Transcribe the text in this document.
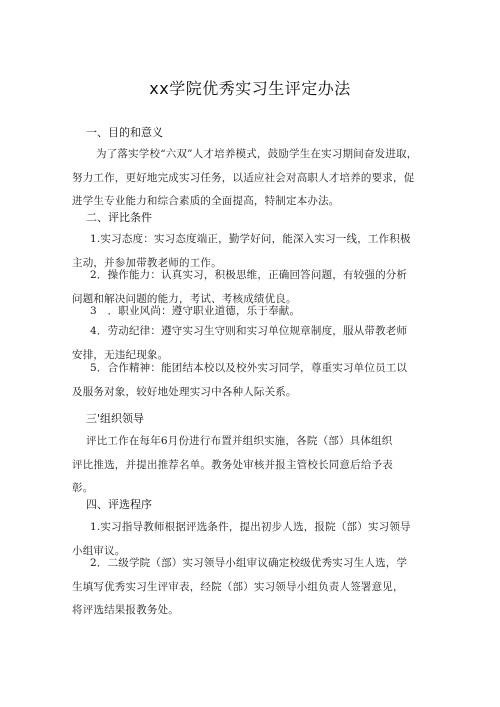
xx学院优秀实习生评定办法
一、目的和意义
为了落实学校“六双”人才培养模式，鼓励学生在实习期间奋发进取，
努力工作，更好地完成实习任务，以适应社会对高职人才培养的要求，促
进学生专业能力和综合素质的全面提高，特制定本办法。
二、评比条件
1.实习态度：实习态度端正，勤学好问，能深入实习一线，工作积极
主动，并参加带教老师的工作。
2．操作能力：认真实习，积极思维，正确回答问题，有较强的分析
问题和解决问题的能力，考试、考核成绩优良。
3　．职业风尚：遵守职业道德，乐于奉献。
4．劳动纪律：遵守实习生守则和实习单位规章制度，服从带教老师
安排，无违纪现象。
5．合作精神：能团结本校以及校外实习同学，尊重实习单位员工以
及服务对象，较好地处理实习中各种人际关系。
三'组织领导
评比工作在每年6月份进行布置并组织实施，各院（部）具体组织
评比推选，并提出推荐名单。教务处审核并报主管校长同意后给予表
彰。
四、评选程序
1.实习指导教师根据评选条件，提出初步人选，报院（部）实习领导
小组审议。
2．二级学院（部）实习领导小组审议确定校级优秀实习生人选，学
生填写优秀实习生评审表，经院（部）实习领导小组负责人签署意见，
将评选结果报教务处。
